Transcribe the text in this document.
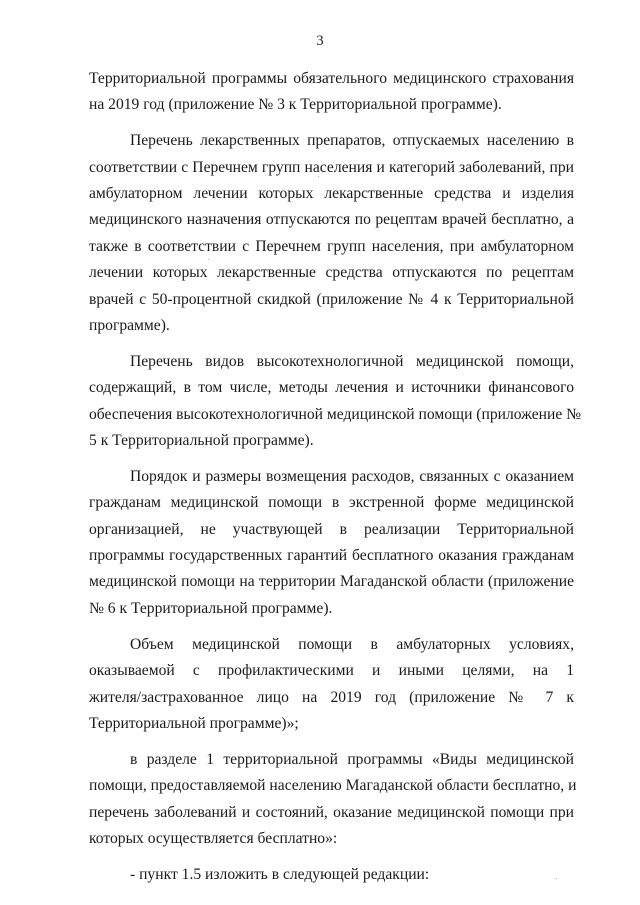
3
Территориальной программы обязательного медицинского страхования
на 2019 год (приложение № 3 к Территориальной программе).
Перечень лекарственных препаратов, отпускаемых населению в
соответствии с Перечнем групп населения и категорий заболеваний, при
амбулаторном лечении которых лекарственные средства и изделия
медицинского назначения отпускаются по рецептам врачей бесплатно, а
также в соответствии с Перечнем групп населения, при амбулаторном
лечении которых лекарственные средства отпускаются по рецептам
врачей с 50-процентной скидкой (приложение № 4 к Территориальной
программе).
Перечень видов высокотехнологичной медицинской помощи,
содержащий, в том числе, методы лечения и источники финансового
обеспечения высокотехнологичной медицинской помощи (приложение №
5 к Территориальной программе).
Порядок и размеры возмещения расходов, связанных с оказанием
гражданам медицинской помощи в экстренной форме медицинской
организацией, не участвующей в реализации Территориальной
программы государственных гарантий бесплатного оказания гражданам
медицинской помощи на территории Магаданской области (приложение
№ 6 к Территориальной программе).
Объем медицинской помощи в амбулаторных условиях,
оказываемой с профилактическими и иными целями, на 1
жителя/застрахованное лицо на 2019 год (приложение № 7 к
Территориальной программе)»;
в разделе 1 территориальной программы «Виды медицинской
помощи, предоставляемой населению Магаданской области бесплатно, и
перечень заболеваний и состояний, оказание медицинской помощи при
которых осуществляется бесплатно»:
- пункт 1.5 изложить в следующей редакции:
